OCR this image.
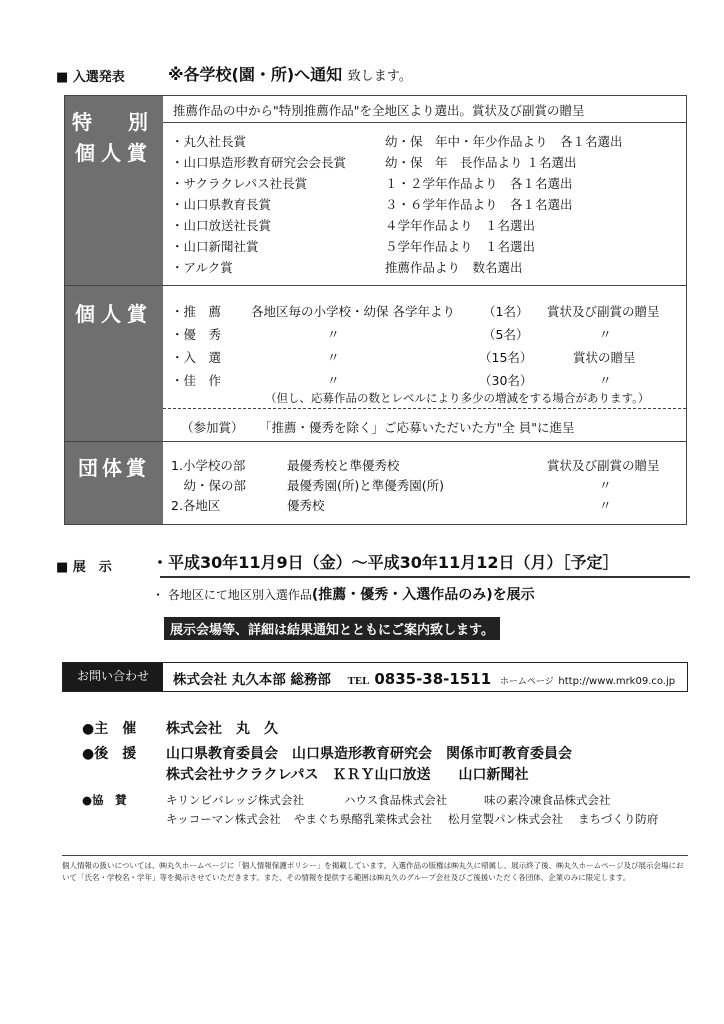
■ 入選発表	※各学校(園・所)へ通知 致します。
特　別
個人賞
推薦作品の中から"特別推薦作品"を全地区より選出。賞状及び副賞の贈呈
・丸久社長賞	幼・保　年中・年少作品より　各１名選出
・山口県造形教育研究会会長賞	幼・保　年　長作品より １名選出
・サクラクレパス社長賞	１・２学年作品より　各１名選出
・山口県教育長賞	３・６学年作品より　各１名選出
・山口放送社長賞	４学年作品より　１名選出
・山口新聞社賞	５学年作品より　１名選出
・アルク賞	推薦作品より　数名選出
個人賞	・推　薦 各地区毎の小学校・幼保 各学年より （1名） 賞状及び副賞の贈呈
・優　秀	〃	（5名）	〃
・入　選	〃	（15名）	賞状の贈呈
・佳　作	〃	（30名）	〃
（但し、応募作品の数とレベルにより多少の増減をする場合があります。）
（参加賞） 「推薦・優秀を除く」ご応募いただいた方"全 員"に進呈
団体賞	1.小学校の部	最優秀校と準優秀校	賞状及び副賞の贈呈
　幼・保の部	最優秀園(所)と準優秀園(所)	〃
2.各地区	優秀校	〃
■ 展　示	・平成30年11月9日（金）～平成30年11月12日（月）［予定］
・ 各地区にて地区別入選作品(推薦・優秀・入選作品のみ)を展示
展示会場等、詳細は結果通知とともにご案内致します。
お問い合わせ	株式会社 丸久本部 総務部 TEL 0835-38-1511 ホームページ http://www.mrk09.co.jp
●主　催 株式会社　丸　久
●後　援 山口県教育委員会　山口県造形教育研究会　関係市町教育委員会
株式会社サクラクレパス　ＫＲＹ山口放送　　山口新聞社
●協　賛	キリンビバレッジ株式会社	ハウス食品株式会社	味の素冷凍食品株式会社
キッコーマン株式会社 やまぐち県酪乳業株式会社 松月堂製パン株式会社 まちづくり防府
個人情報の扱いについては、㈱丸久ホームページに「個人情報保護ポリシー」を掲載しています。入選作品の版権は㈱丸久に帰属し、展示終了後、㈱丸久ホームページ及び展示会場において「氏名・学校名・学年」等を掲示させていただきます。また、その情報を提供する範囲は㈱丸久のグループ会社及びご後援いただく各団体、企業のみに限定します。
